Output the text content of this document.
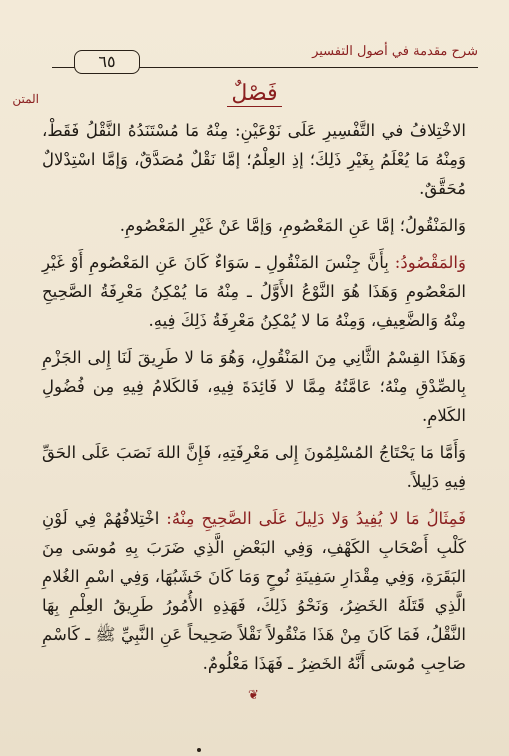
٦٥
شرح مقدمة في أصول التفسير
المتن	فَصْلٌ

الاخْتِلافُ في التَّفْسِيرِ عَلَى نَوْعَيْنِ: مِنْهُ مَا مُسْتَنَدُهُ النَّقْلُ فَقَطْ، وَمِنْهُ مَا يُعْلَمُ بِغَيْرِ ذَلِكَ؛ إذِ العِلْمُ؛ إمَّا نَقْلٌ مُصَدَّقٌ، وَإمَّا اسْتِدْلالٌ مُحَقَّقٌ.

وَالمَنْقُولُ؛ إمَّا عَنِ المَعْصُومِ، وَإمَّا عَنْ غَيْرِ المَعْصُومِ.

وَالمَقْصُودُ: بِأَنَّ جِنْسَ المَنْقُولِ ـ سَوَاءٌ كَانَ عَنِ المَعْصُومِ أَوْ غَيْرِ المَعْصُومِ وَهَذَا هُوَ النَّوْعُ الأَوَّلُ ـ مِنْهُ مَا يُمْكِنُ مَعْرِفَةُ الصَّحِيحِ مِنْهُ وَالضَّعِيفِ، وَمِنْهُ مَا لا يُمْكِنُ مَعْرِفَةُ ذَلِكَ فِيهِ.

وَهَذَا القِسْمُ الثَّانِي مِنَ المَنْقُولِ، وَهُوَ مَا لا طَرِيقَ لَنَا إِلى الجَزْمِ بِالصِّدْقِ مِنْهُ؛ عَامَّتُهُ مِمَّا لا فَائِدَةَ فِيهِ، فَالكَلامُ فِيهِ مِن فُضُولِ الكَلامِ.

وَأَمَّا مَا يَحْتَاجُ المُسْلِمُونَ إِلى مَعْرِفَتِهِ، فَإِنَّ اللهَ نَصَبَ عَلَى الحَقِّ فِيهِ دَلِيلاً.

فَمِثَالُ مَا لا يُفِيدُ وَلا دَلِيلَ عَلَى الصَّحِيحِ مِنْهُ: اخْتِلافُهُمْ فِي لَوْنِ كَلْبِ أَصْحَابِ الكَهْفِ، وَفِي البَعْضِ الَّذِي ضَرَبَ بِهِ مُوسَى مِنَ البَقَرَةِ، وَفِي مِقْدَارِ سَفِينَةِ نُوحٍ وَمَا كَانَ خَشَبُهَا، وَفِي اسْمِ الغُلامِ الَّذِي قَتَلَهُ الخَضِرُ، وَنَحْوُ ذَلِكَ، فَهَذِهِ الأُمُورُ طَرِيقُ العِلْمِ بِهَا النَّقْلُ، فَمَا كَانَ مِنْ هَذَا مَنْقُولاً نَقْلاً صَحِيحاً عَنِ النَّبِيِّ ﷺ ـ كَاسْمِ صَاحِبِ مُوسَى أَنَّهُ الخَضِرُ ـ فَهَذَا مَعْلُومٌ.

❦
